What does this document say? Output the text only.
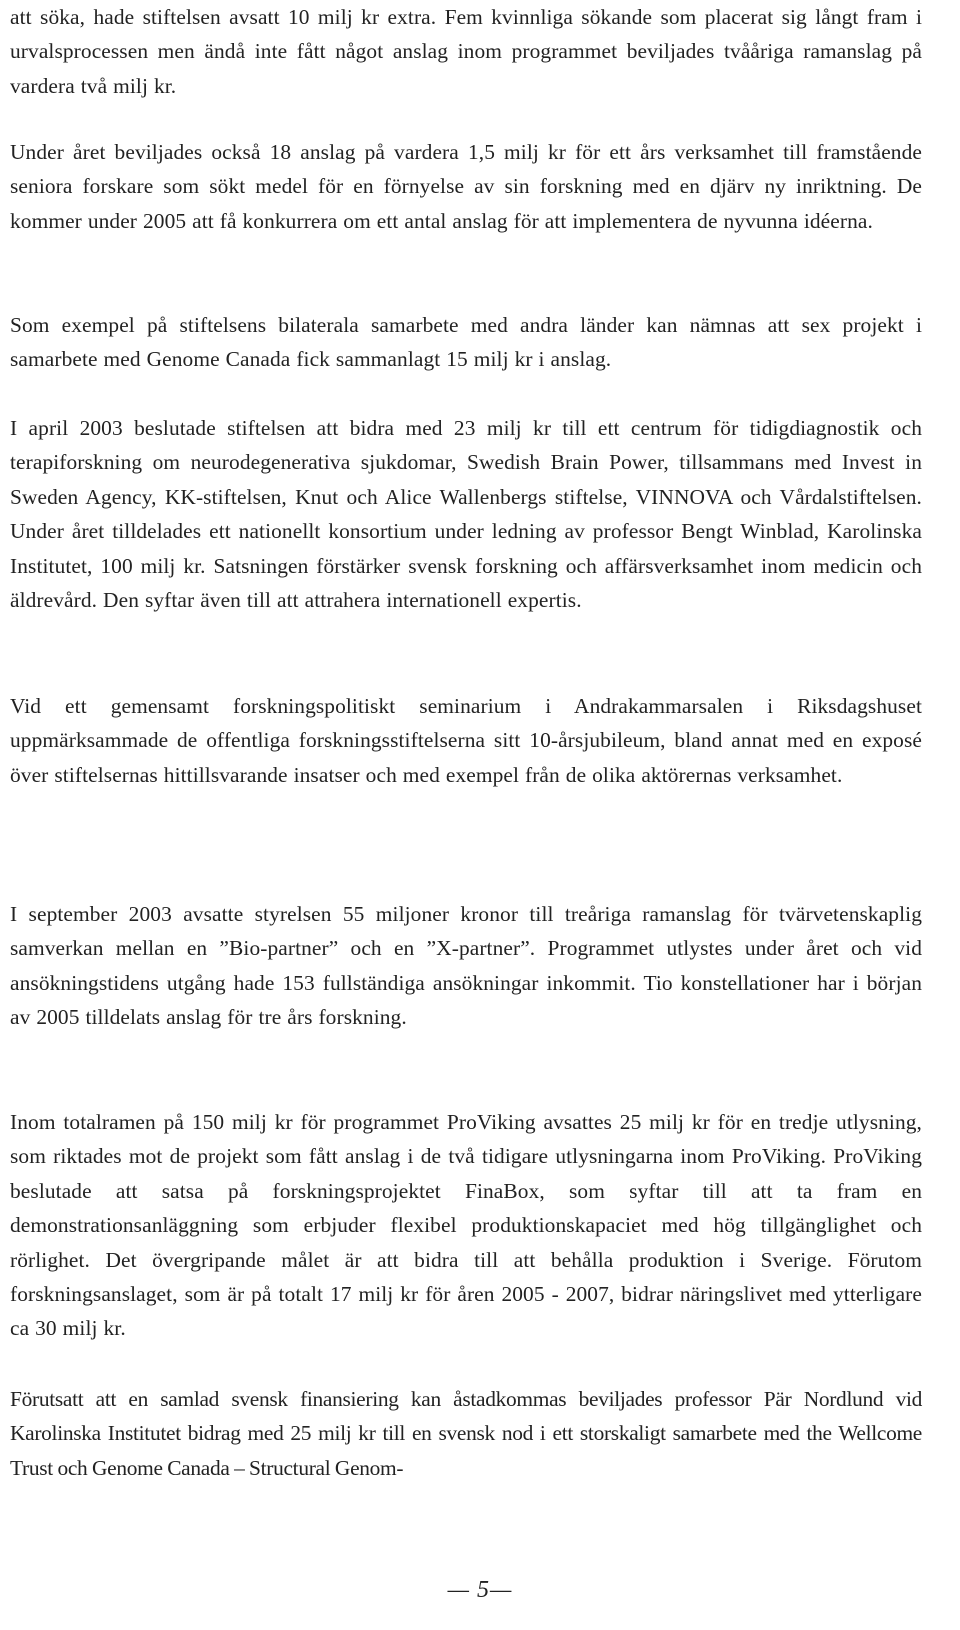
att söka, hade stiftelsen avsatt 10 milj kr extra. Fem kvinnliga sökande som placerat sig långt fram i urvalsprocessen men ändå inte fått något anslag inom programmet beviljades tvååriga ramanslag på vardera två milj kr.

Under året beviljades också 18 anslag på vardera 1,5 milj kr för ett års verksamhet till framstående seniora forskare som sökt medel för en förnyelse av sin forskning med en djärv ny inriktning. De kommer under 2005 att få konkurrera om ett antal anslag för att implementera de nyvunna idéerna.

Som exempel på stiftelsens bilaterala samarbete med andra länder kan nämnas att sex projekt i samarbete med Genome Canada fick sammanlagt 15 milj kr i anslag.

I april 2003 beslutade stiftelsen att bidra med 23 milj kr till ett centrum för tidigdiagnostik och terapiforskning om neurodegenerativa sjukdomar, Swedish Brain Power, tillsammans med Invest in Sweden Agency, KK-stiftelsen, Knut och Alice Wallenbergs stiftelse, VINNOVA och Vårdalstiftelsen. Under året tilldelades ett nationellt konsortium under ledning av professor Bengt Winblad, Karolinska Institutet, 100 milj kr. Satsningen förstärker svensk forskning och affärsverksamhet inom medicin och äldrevård. Den syftar även till att attrahera internationell expertis.

Vid ett gemensamt forskningspolitiskt seminarium i Andrakammarsalen i Riksdagshuset uppmärksammade de offentliga forskningsstiftelserna sitt 10-årsjubileum, bland annat med en exposé över stiftelsernas hittillsvarande insatser och med exempel från de olika aktörernas verksamhet.

I september 2003 avsatte styrelsen 55 miljoner kronor till treåriga ramanslag för tvärvetenskaplig samverkan mellan en ”Bio-partner” och en ”X-partner”. Programmet utlystes under året och vid ansökningstidens utgång hade 153 fullständiga ansökningar inkommit. Tio konstellationer har i början av 2005 tilldelats anslag för tre års forskning.

Inom totalramen på 150 milj kr för programmet ProViking avsattes 25 milj kr för en tredje utlysning, som riktades mot de projekt som fått anslag i de två tidigare utlysningarna inom ProViking. ProViking beslutade att satsa på forskningsprojektet FinaBox, som syftar till att ta fram en demonstrationsanläggning som erbjuder flexibel produktionskapaciet med hög tillgänglighet och rörlighet. Det övergripande målet är att bidra till att behålla produktion i Sverige. Förutom forskningsanslaget, som är på totalt 17 milj kr för åren 2005 - 2007, bidrar näringslivet med ytterligare ca 30 milj kr.

Förutsatt att en samlad svensk finansiering kan åstadkommas beviljades professor Pär Nordlund vid Karolinska Institutet bidrag med 25 milj kr till en svensk nod i ett storskaligt samarbete med the Wellcome Trust och Genome Canada – Structural Genom-

— 5—
